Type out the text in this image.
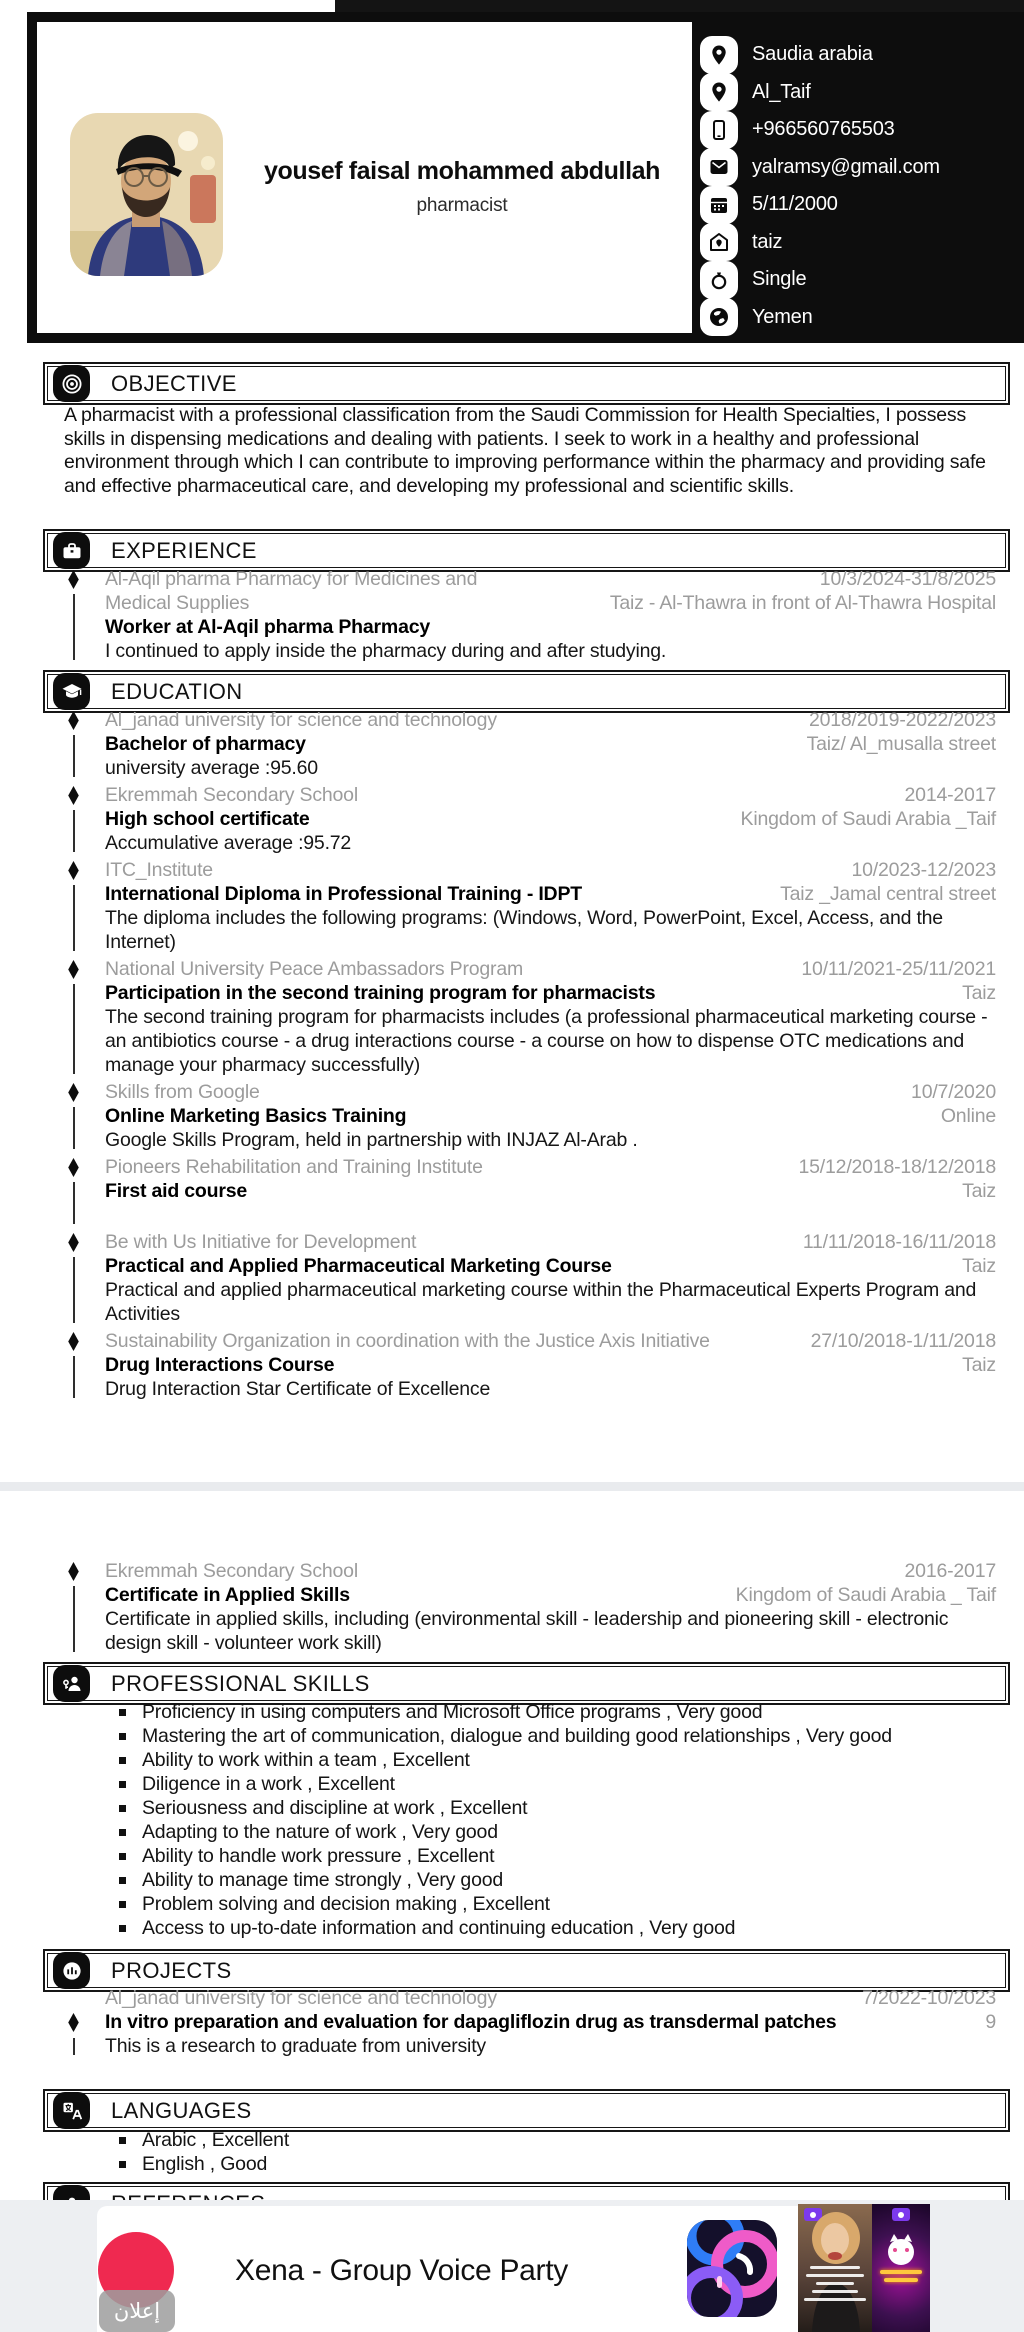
yousef faisal mohammed abdullah
pharmacist
Saudia arabia
Al_Taif
+966560765503
yalramsy@gmail.com
5/11/2000
taiz
Single
Yemen
OBJECTIVE
A pharmacist with a professional classification from the Saudi Commission for Health Specialties, I possess skills in dispensing medications and dealing with patients. I seek to work in a healthy and professional environment through which I can contribute to improving performance within the pharmacy and providing safe and effective pharmaceutical care, and developing my professional and scientific skills.
EXPERIENCE
Al-Aqil pharma Pharmacy for Medicines and Medical Supplies
10/3/2024-31/8/2025
Taiz - Al-Thawra in front of Al-Thawra Hospital
Worker at Al-Aqil pharma Pharmacy
I continued to apply inside the pharmacy during and after studying.
EDUCATION
Al_janad university for science and technology	2018/2019-2022/2023
Taiz/ Al_musalla street
Bachelor of pharmacy
university average :95.60
Ekremmah Secondary School	2014-2017
Kingdom of Saudi Arabia _Taif
High school certificate
Accumulative average :95.72
ITC_Institute	10/2023-12/2023
Taiz _Jamal central street
International Diploma in Professional Training - IDPT
The diploma includes the following programs: (Windows, Word, PowerPoint, Excel, Access, and the Internet)
National University Peace Ambassadors Program	10/11/2021-25/11/2021
Taiz
Participation in the second training program for pharmacists
The second training program for pharmacists includes (a professional pharmaceutical marketing course - an antibiotics course - a drug interactions course - a course on how to dispense OTC medications and manage your pharmacy successfully)
Skills from Google	10/7/2020
Online
Online Marketing Basics Training
Google Skills Program, held in partnership with INJAZ Al-Arab .
Pioneers Rehabilitation and Training Institute	15/12/2018-18/12/2018
Taiz
First aid course

Be with Us Initiative for Development	11/11/2018-16/11/2018
Taiz
Practical and Applied Pharmaceutical Marketing Course
Practical and applied pharmaceutical marketing course within the Pharmaceutical Experts Program and Activities
Sustainability Organization in coordination with the Justice Axis Initiative	27/10/2018-1/11/2018
Taiz
Drug Interactions Course
Drug Interaction Star Certificate of Excellence
Ekremmah Secondary School	2016-2017
Kingdom of Saudi Arabia _ Taif
Certificate in Applied Skills
Certificate in applied skills, including (environmental skill - leadership and pioneering skill - electronic design skill - volunteer work skill)
PROFESSIONAL SKILLS
Proficiency in using computers and Microsoft Office programs , Very good
Mastering the art of communication, dialogue and building good relationships , Very good
Ability to work within a team , Excellent
Diligence in a work , Excellent
Seriousness and discipline at work , Excellent
Adapting to the nature of work , Very good
Ability to handle work pressure , Excellent
Ability to manage time strongly , Very good
Problem solving and decision making , Excellent
Access to up-to-date information and continuing education , Very good
PROJECTS
Al_janad university for science and technology
In vitro preparation and evaluation for dapagliflozin drug as transdermal patches
This is a research to graduate from university
7/2022-10/2023
9
LANGUAGES
Arabic , Excellent
English , Good
إعلان
Xena - Group Voice Party
